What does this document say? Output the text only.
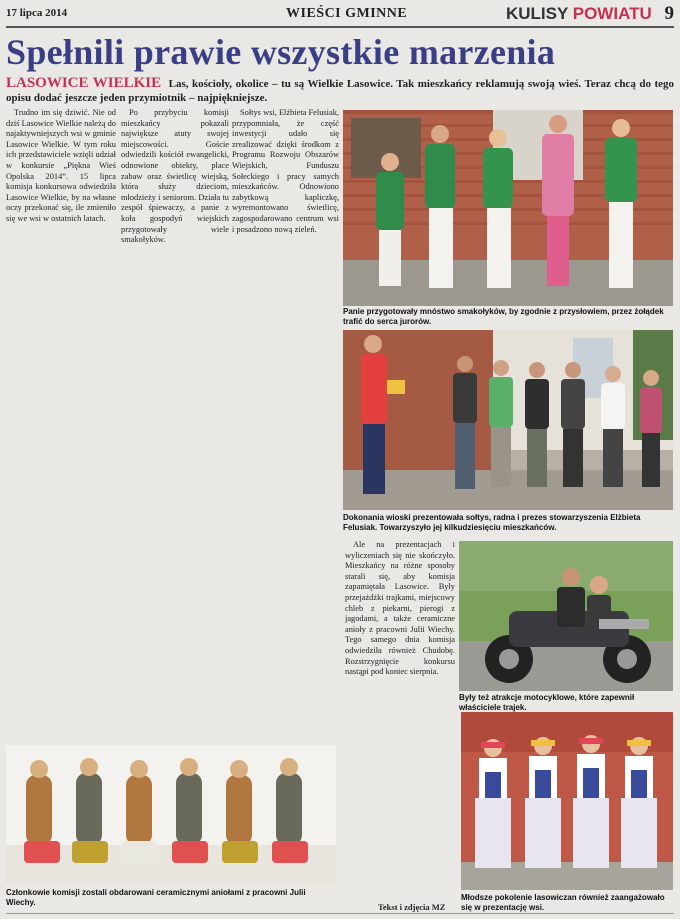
17 lipca 2014	WIEŚCI GMINNE	KULISY POWIATU 9
Spełnili prawie wszystkie marzenia
LASOWICE WIELKIE Las, kościoły, okolice – tu są Wielkie Lasowice. Tak mieszkańcy reklamują swoją wieś. Teraz chcą do tego opisu dodać jeszcze jeden przymiotnik – najpiękniejsze.

Trudno im się dziwić. Nie od dziś Lasowice Wielkie należą do najaktywniejszych wsi w gminie Lasowice Wielkie. W tym roku ich przedstawiciele wzięli udział w konkursie „Piękna Wieś Opolska 2014”. 15 lipca komisja konkursowa odwiedziła Lasowice Wielkie, by na własne oczy przekonać się, ile zmieniło się we wsi w ostatnich latach.

Po przybyciu komisji mieszkańcy pokazali największe atuty swojej miejscowości. Goście odwiedzili kościół ewangelicki, odnowione obiekty, place zabaw oraz świetlicę wiejską, która służy dzieciom, młodzieży i seniorom. Działa tu zespół śpiewaczy, a panie z koła gospodyń wiejskich przygotowały wiele smakołyków.

Sołtys wsi, Elżbieta Felusiak, przypomniała, że część inwestycji udało się zrealizować dzięki środkom z Programu Rozwoju Obszarów Wiejskich, Funduszu Sołeckiego i pracy samych mieszkańców. Odnowiono zabytkową kapliczkę, wyremontowano świetlicę, zagospodarowano centrum wsi i posadzono nową zieleń.

Ale na prezentacjach i wyliczeniach się nie skończyło. Mieszkańcy na różne sposoby starali się, aby komisja zapamiętała Lasowice. Były przejażdżki trajkami, miejscowy chleb z piekarni, pierogi z jagodami, a także ceramiczne anioły z pracowni Julii Wiechy. Tego samego dnia komisja odwiedziła również Chudobę. Rozstrzygnięcie konkursu nastąpi pod koniec sierpnia.

Panie przygotowały mnóstwo smakołyków, by zgodnie z przysłowiem, przez żołądek trafić do serca jurorów.
Dokonania wioski prezentowała sołtys, radna i prezes stowarzyszenia Elżbieta Felusiak. Towarzyszyło jej kilkudziesięciu mieszkańców.
Były też atrakcje motocyklowe, które zapewnił właściciele trajek.
Członkowie komisji zostali obdarowani ceramicznymi aniołami z pracowni Julii Wiechy.	Młodsze pokolenie lasowiczan również zaangażowało się w prezentację wsi.
Tekst i zdjęcia MZ
